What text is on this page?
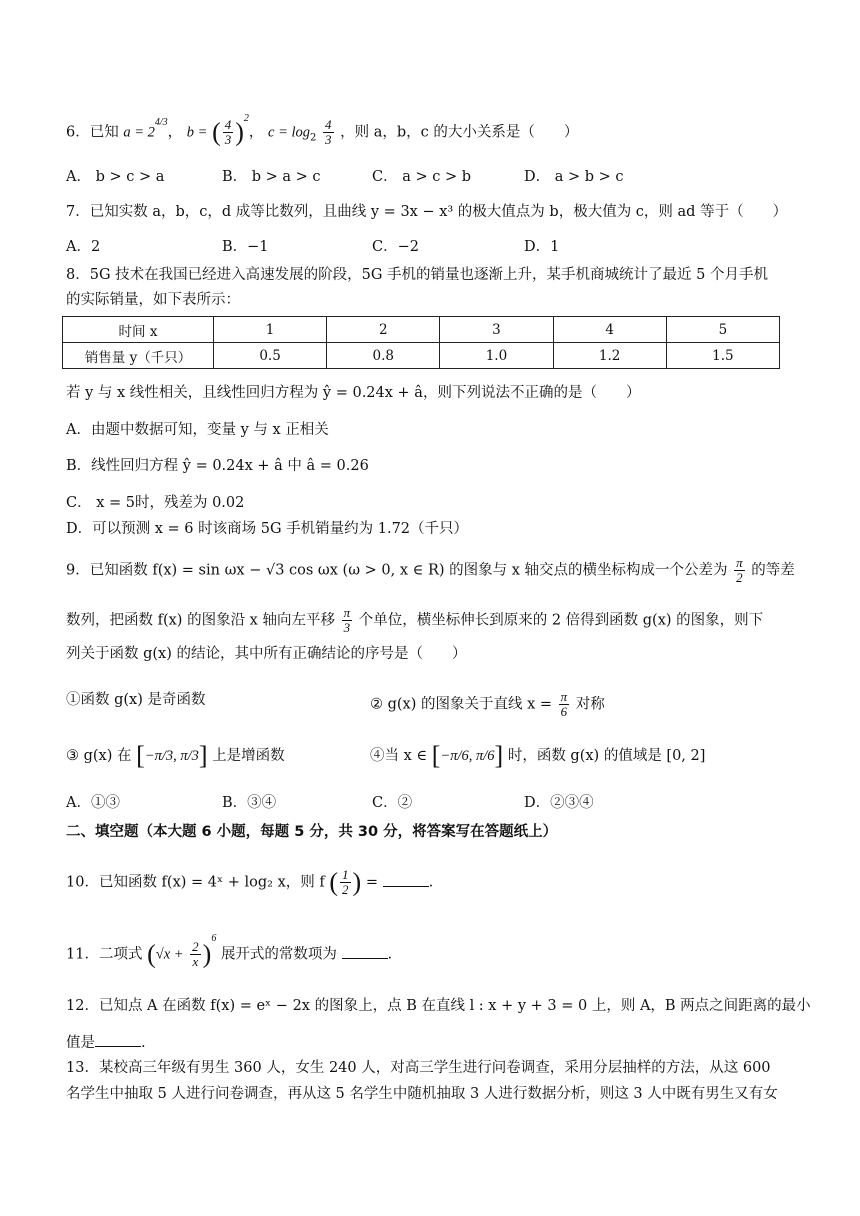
6．已知 $a = 2^{4/3}$， b = ( $\frac{4}{3} )^2$， $c = \log_2 \frac{4}{3}$ ，则 a，b，c 的大小关系是（　　）
A． b > c > a	B． b > a > c	C． a > c > b	D． a > b > c
7．已知实数 a，b，c，d 成等比数列，且曲线 y = 3x − x³ 的极大值点为 b，极大值为 c，则 ad 等于（　　）
A．2	B．−1	C．−2	D．1
8．5G 技术在我国已经进入高速发展的阶段，5G 手机的销量也逐渐上升，某手机商城统计了最近 5 个月手机
的实际销量，如下表所示：
时间 x	1	2	3	4	5
销售量 y（千只）	0.5	0.8	1.0	1.2	1.5
若 y 与 x 线性相关，且线性回归方程为 ŷ = 0.24x + â，则下列说法不正确的是（　　）
A．由题中数据可知，变量 y 与 x 正相关
B．线性回归方程 ŷ = 0.24x + â 中 â = 0.26
C． x = 5时，残差为 0.02
D．可以预测 x = 6 时该商场 5G 手机销量约为 1.72（千只）
9．已知函数 f(x) = sin ωx − √3 cos ωx (ω > 0, x ∈ R) 的图象与 x 轴交点的横坐标构成一个公差为 $\frac{\pi}{2}$ 的等差
数列，把函数 f(x) 的图象沿 x 轴向左平移 $\frac{\pi}{3}$ 个单位，横坐标伸长到原来的 2 倍得到函数 g(x) 的图象，则下
列关于函数 g(x) 的结论，其中所有正确结论的序号是（　　）
①函数 g(x) 是奇函数	② g(x) 的图象关于直线 $x = \frac{\pi}{6}$ 对称
③ g(x) 在 [−π/3, π/3] 上是增函数	④当 x ∈ [−π/6, π/6] 时，函数 g(x) 的值域是 [0, 2]
A．①③	B．③④	C．②	D．②③④
二、填空题（本大题 6 小题，每题 5 分，共 30 分，将答案写在答题纸上）
10．已知函数 f(x) = 4ˣ + log₂ x，则 f ( $\frac{1}{2}$ ) =	.
11．二项式 $(√x + \frac{2}{x} )^6$ 展开式的常数项为	.
12．已知点 A 在函数 f(x) = eˣ − 2x 的图象上，点 B 在直线 l : x + y + 3 = 0 上，则 A，B 两点之间距离的最小
值是	.
13．某校高三年级有男生 360 人，女生 240 人，对高三学生进行问卷调查，采用分层抽样的方法，从这 600
名学生中抽取 5 人进行问卷调查，再从这 5 名学生中随机抽取 3 人进行数据分析，则这 3 人中既有男生又有女
